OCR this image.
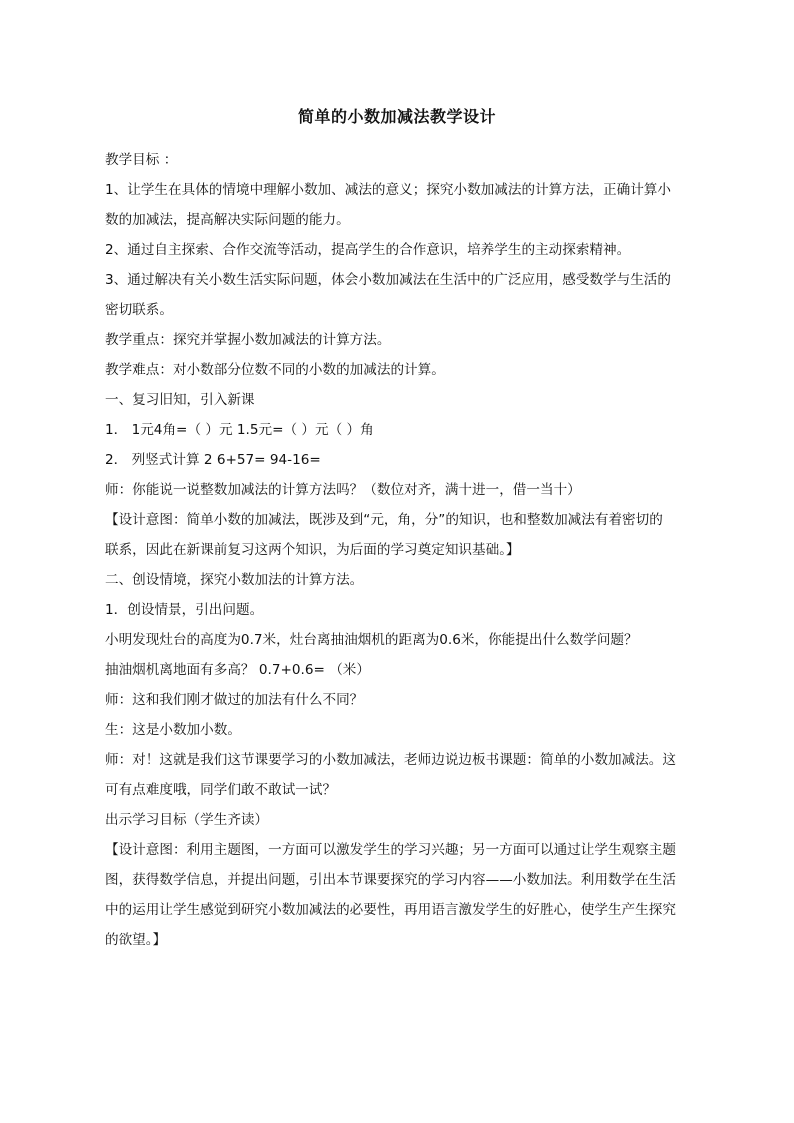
简单的小数加减法教学设计
教学目标 ：
1、让学生在具体的情境中理解小数加、减法的意义；探究小数加减法的计算方法，正确计算小
数的加减法，提高解决实际问题的能力。
2、通过自主探索、合作交流等活动，提高学生的合作意识，培养学生的主动探索精神。
3、通过解决有关小数生活实际问题，体会小数加减法在生活中的广泛应用，感受数学与生活的
密切联系。
教学重点：探究并掌握小数加减法的计算方法。
教学难点：对小数部分位数不同的小数的加减法的计算。
一、复习旧知，引入新课
1． 1元4角=（ ）元 1.5元=（ ）元（ ）角
2． 列竖式计算 2 6+57= 94-16=
师：你能说一说整数加减法的计算方法吗？（数位对齐，满十进一，借一当十）
【设计意图：简单小数的加减法，既涉及到“元，角，分”的知识，也和整数加减法有着密切的
联系，因此在新课前复习这两个知识，为后面的学习奠定知识基础。】
二、创设情境，探究小数加法的计算方法。
1．创设情景，引出问题。
小明发现灶台的高度为0.7米，灶台离抽油烟机的距离为0.6米，你能提出什么数学问题？
抽油烟机离地面有多高？ 0.7+0.6= （米）
师：这和我们刚才做过的加法有什么不同？
生：这是小数加小数。
师：对！这就是我们这节课要学习的小数加减法，老师边说边板书课题：简单的小数加减法。这
可有点难度哦，同学们敢不敢试一试？
出示学习目标（学生齐读）
【设计意图：利用主题图，一方面可以激发学生的学习兴趣；另一方面可以通过让学生观察主题
图，获得数学信息，并提出问题，引出本节课要探究的学习内容——小数加法。利用数学在生活
中的运用让学生感觉到研究小数加减法的必要性，再用语言激发学生的好胜心，使学生产生探究
的欲望。】
